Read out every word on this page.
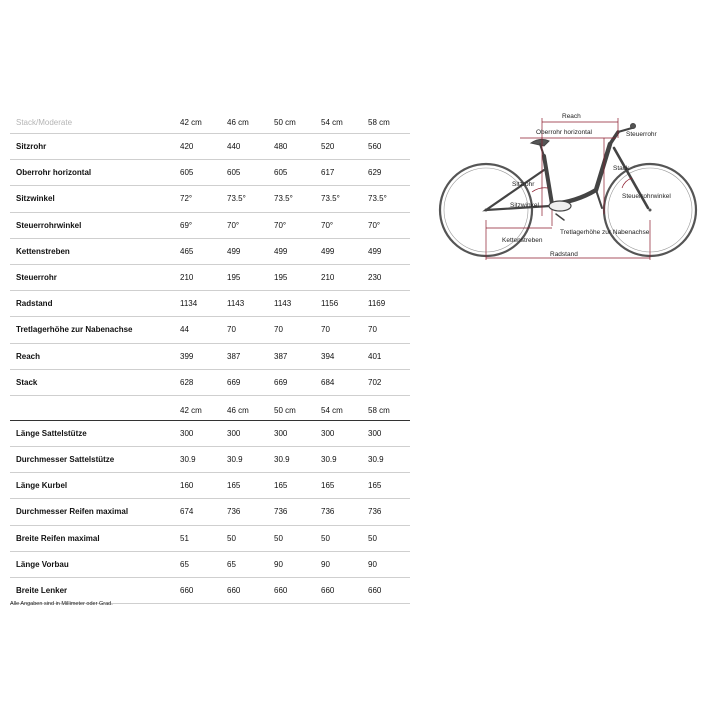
Stack/Moderate	42 cm	46 cm	50 cm	54 cm	58 cm
Sitzrohr	420	440	480	520	560
Oberrohr horizontal	605	605	605	617	629
Sitzwinkel	72°	73.5°	73.5°	73.5°	73.5°
Steuerrohrwinkel	69°	70°	70°	70°	70°
Kettenstreben	465	499	499	499	499
Steuerrohr	210	195	195	210	230
Radstand	1134	1143	1143	1156	1169
Tretlagerhöhe zur Nabenachse	44	70	70	70	70
Reach	399	387	387	394	401
Stack	628	669	669	684	702
42 cm	46 cm	50 cm	54 cm	58 cm
Länge Sattelstütze	300	300	300	300	300
Durchmesser Sattelstütze	30.9	30.9	30.9	30.9	30.9
Länge Kurbel	160	165	165	165	165
Durchmesser Reifen maximal	674	736	736	736	736
Breite Reifen maximal	51	50	50	50	50
Länge Vorbau	65	65	90	90	90
Breite Lenker	660	660	660	660	660
Alle Angaben sind in Millimeter oder Grad.
Reach
Oberrohr horizontal	Steuerrohr
Sitzrohr
Stack
Steuerrohrwinkel
Sitzwinkel
Kettenstreben
Tretlagerhöhe zur Nabenachse
Radstand
